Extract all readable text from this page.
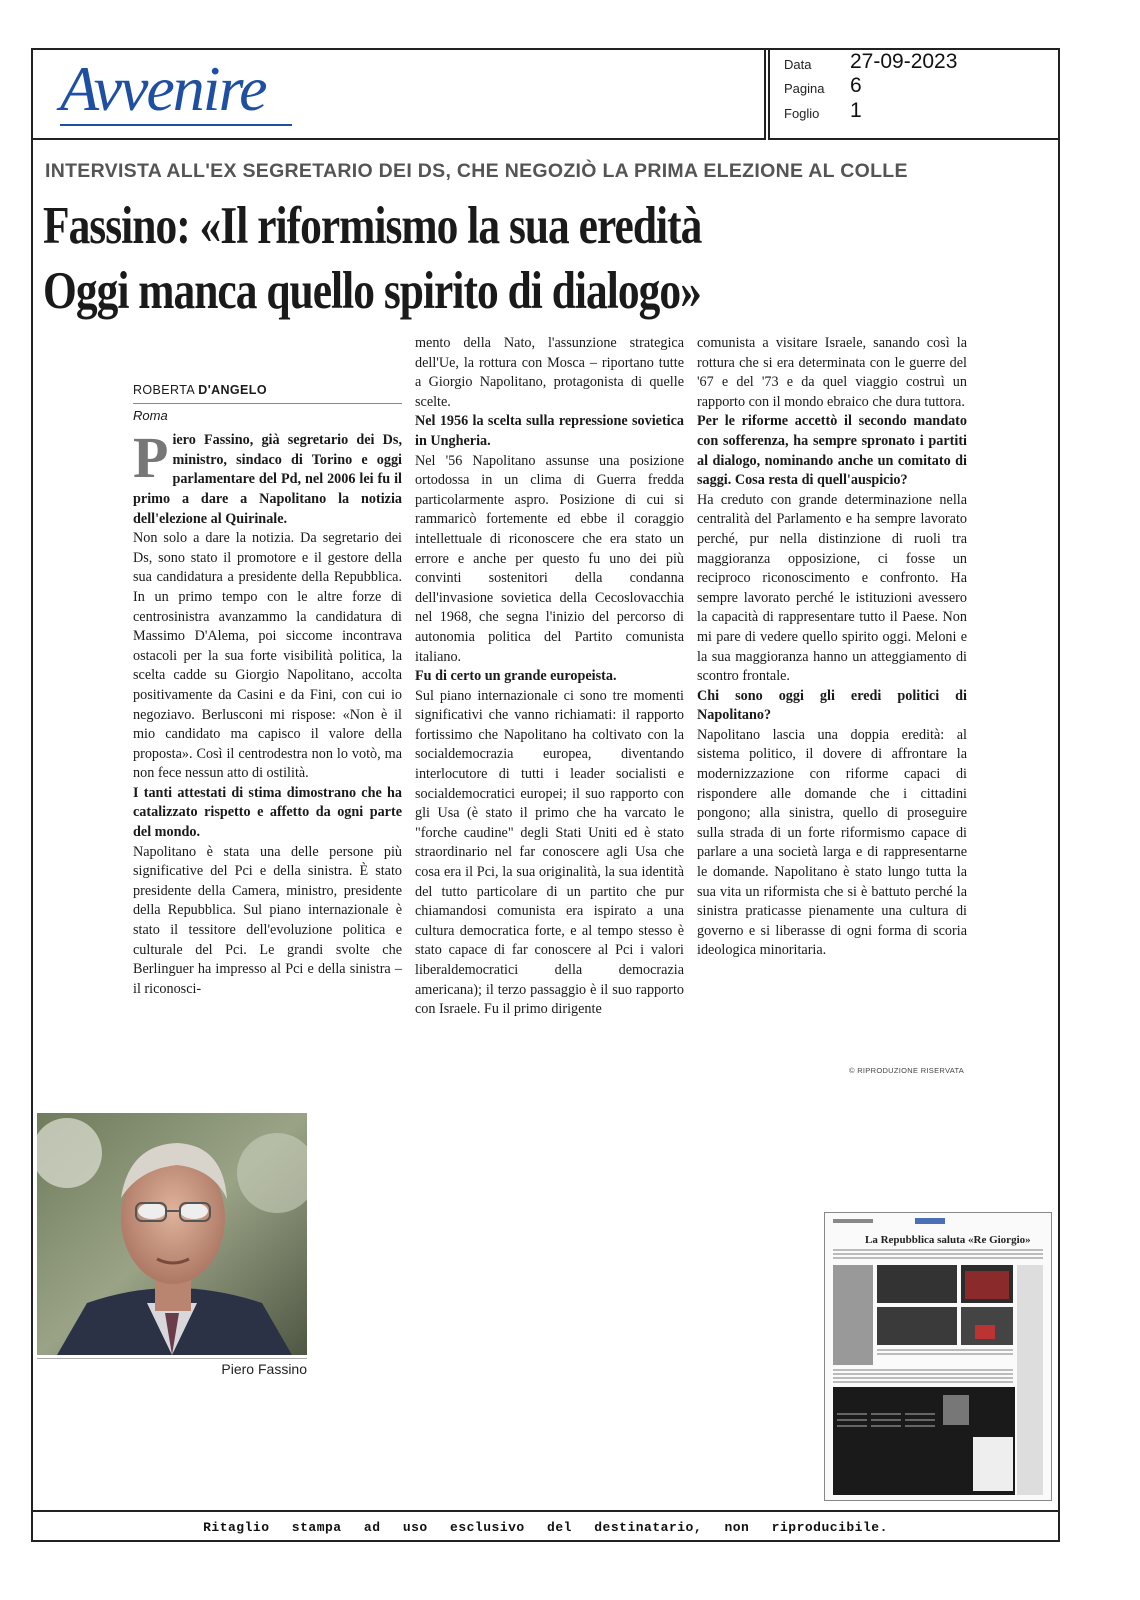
Avvenire	Data 27-09-2023
Pagina 6
Foglio 1
INTERVISTA ALL'EX SEGRETARIO DEI DS, CHE NEGOZIÒ LA PRIMA ELEZIONE AL COLLE
Fassino: «Il riformismo la sua eredità
Oggi manca quello spirito di dialogo»
ROBERTA D'ANGELO
Roma

Piero Fassino, già segretario dei Ds, ministro, sindaco di Torino e oggi parlamentare del Pd, nel 2006 lei fu il primo a dare a Napolitano la notizia dell'elezione al Quirinale.

Non solo a dare la notizia. Da segretario dei Ds, sono stato il promotore e il gestore della sua candidatura a presidente della Repubblica. In un primo tempo con le altre forze di centrosinistra avanzammo la candidatura di Massimo D'Alema, poi siccome incontrava ostacoli per la sua forte visibilità politica, la scelta cadde su Giorgio Napolitano, accolta positivamente da Casini e da Fini, con cui io negoziavo. Berlusconi mi rispose: «Non è il mio candidato ma capisco il valore della proposta». Così il centrodestra non lo votò, ma non fece nessun atto di ostilità.

I tanti attestati di stima dimostrano che ha catalizzato rispetto e affetto da ogni parte del mondo.

Napolitano è stata una delle persone più significative del Pci e della sinistra. È stato presidente della Camera, ministro, presidente della Repubblica. Sul piano internazionale è stato il tessitore dell'evoluzione politica e culturale del Pci. Le grandi svolte che Berlinguer ha impresso al Pci e della sinistra – il riconosci-

mento della Nato, l'assunzione strategica dell'Ue, la rottura con Mosca – riportano tutte a Giorgio Napolitano, protagonista di quelle scelte.

Nel 1956 la scelta sulla repressione sovietica in Ungheria.

Nel '56 Napolitano assunse una posizione ortodossa in un clima di Guerra fredda particolarmente aspro. Posizione di cui si rammaricò fortemente ed ebbe il coraggio intellettuale di riconoscere che era stato un errore e anche per questo fu uno dei più convinti sostenitori della condanna dell'invasione sovietica della Cecoslovacchia nel 1968, che segna l'inizio del percorso di autonomia politica del Partito comunista italiano.

Fu di certo un grande europeista.

Sul piano internazionale ci sono tre momenti significativi che vanno richiamati: il rapporto fortissimo che Napolitano ha coltivato con la socialdemocrazia europea, diventando interlocutore di tutti i leader socialisti e socialdemocratici europei; il suo rapporto con gli Usa (è stato il primo che ha varcato le "forche caudine" degli Stati Uniti ed è stato straordinario nel far conoscere agli Usa che cosa era il Pci, la sua originalità, la sua identità del tutto particolare di un partito che pur chiamandosi comunista era ispirato a una cultura democratica forte, e al tempo stesso è stato capace di far conoscere al Pci i valori liberaldemocratici della democrazia americana); il terzo passaggio è il suo rapporto con Israele. Fu il primo dirigente

comunista a visitare Israele, sanando così la rottura che si era determinata con le guerre del '67 e del '73 e da quel viaggio costruì un rapporto con il mondo ebraico che dura tuttora.

Per le riforme accettò il secondo mandato con sofferenza, ha sempre spronato i partiti al dialogo, nominando anche un comitato di saggi. Cosa resta di quell'auspicio?

Ha creduto con grande determinazione nella centralità del Parlamento e ha sempre lavorato perché, pur nella distinzione di ruoli tra maggioranza opposizione, ci fosse un reciproco riconoscimento e confronto. Ha sempre lavorato perché le istituzioni avessero la capacità di rappresentare tutto il Paese. Non mi pare di vedere quello spirito oggi. Meloni e la sua maggioranza hanno un atteggiamento di scontro frontale.

Chi sono oggi gli eredi politici di Napolitano?

Napolitano lascia una doppia eredità: al sistema politico, il dovere di affrontare la modernizzazione con riforme capaci di rispondere alle domande che i cittadini pongono; alla sinistra, quello di proseguire sulla strada di un forte riformismo capace di parlare a una società larga e di rappresentarne le domande. Napolitano è stato lungo tutta la sua vita un riformista che si è battuto perché la sinistra praticasse pienamente una cultura di governo e si liberasse di ogni forma di scoria ideologica minoritaria.

© RIPRODUZIONE RISERVATA
Piero Fassino
La Repubblica saluta «Re Giorgio»
Ritaglio stampa ad uso esclusivo del destinatario, non riproducibile.
